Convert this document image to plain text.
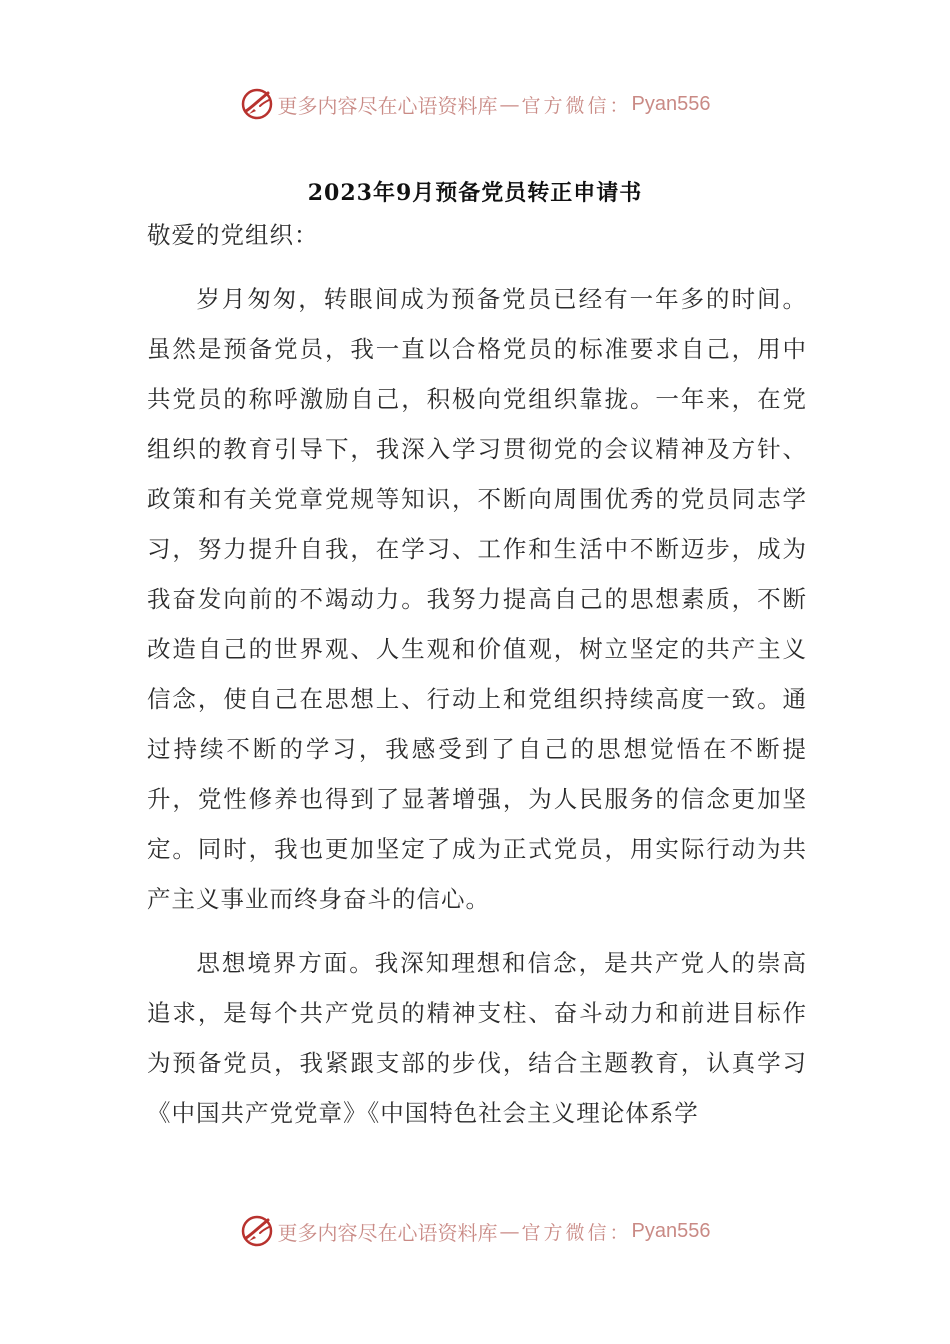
更多内容尽在心语资料库 — 官方微信： Pyan556
2023年9月预备党员转正申请书

敬爱的党组织：

岁月匆匆，转眼间成为预备党员已经有一年多的时间。虽然是预备党员，我一直以合格党员的标准要求自己，用中共党员的称呼激励自己，积极向党组织靠拢。一年来，在党组织的教育引导下，我深入学习贯彻党的会议精神及方针、政策和有关党章党规等知识，不断向周围优秀的党员同志学习，努力提升自我，在学习、工作和生活中不断迈步，成为我奋发向前的不竭动力。我努力提高自己的思想素质，不断改造自己的世界观、人生观和价值观，树立坚定的共产主义信念，使自己在思想上、行动上和党组织持续高度一致。通过持续不断的学习，我感受到了自己的思想觉悟在不断提升，党性修养也得到了显著增强，为人民服务的信念更加坚定。同时，我也更加坚定了成为正式党员，用实际行动为共产主义事业而终身奋斗的信心。

思想境界方面。我深知理想和信念，是共产党人的崇高追求，是每个共产党员的精神支柱、奋斗动力和前进目标作为预备党员，我紧跟支部的步伐，结合主题教育，认真学习《中国共产党党章》《中国特色社会主义理论体系学

更多内容尽在心语资料库 — 官方微信： Pyan556
